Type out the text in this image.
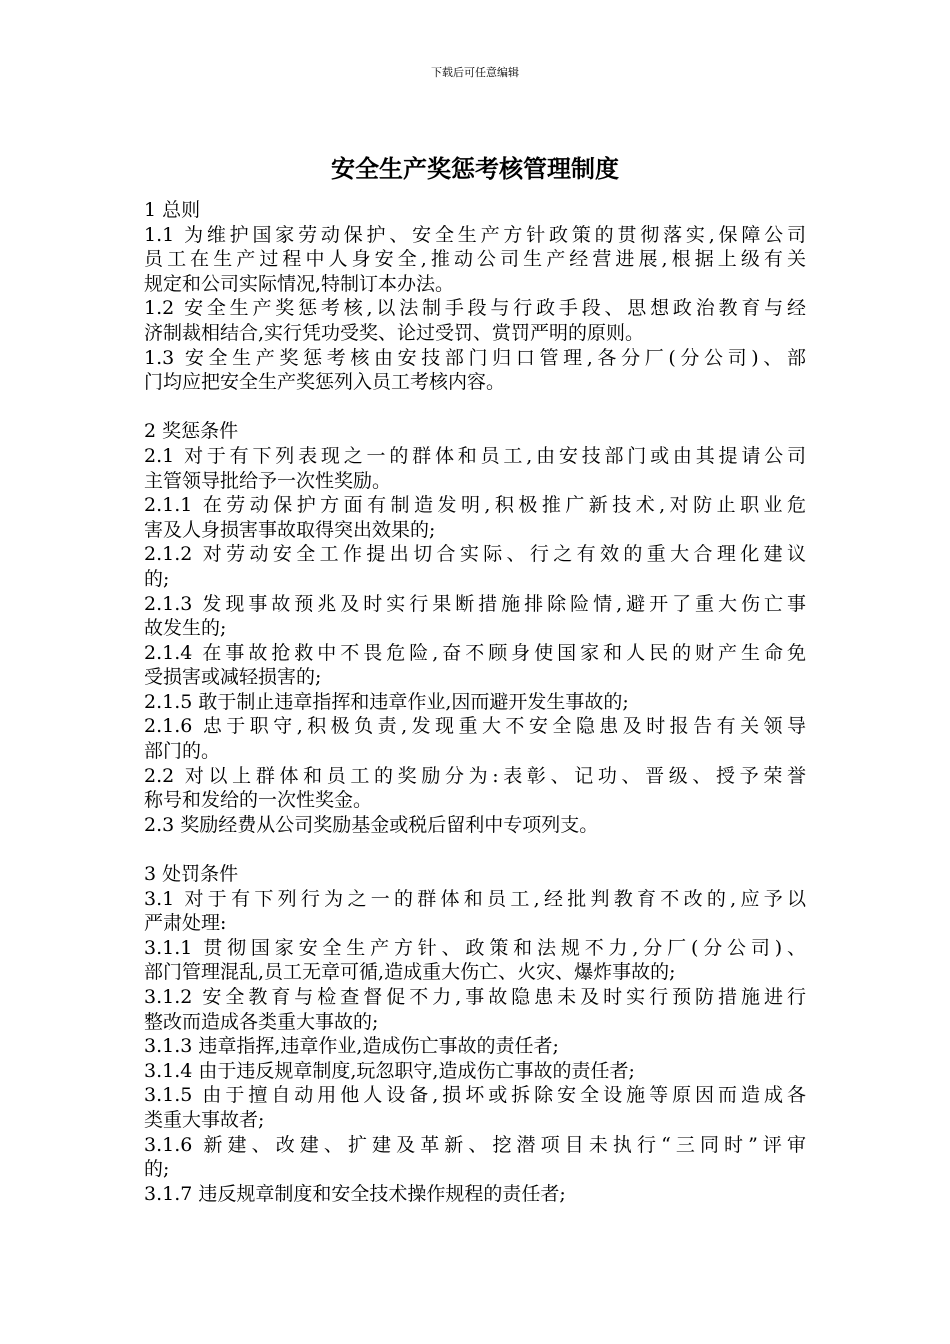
下载后可任意编辑
安全生产奖惩考核管理制度
1 总则
1.1 为维护国家劳动保护、安全生产方针政策的贯彻落实,保障公司
员工在生产过程中人身安全,推动公司生产经营进展,根据上级有关
规定和公司实际情况,特制订本办法。
1.2 安全生产奖惩考核,以法制手段与行政手段、思想政治教育与经
济制裁相结合,实行凭功受奖、论过受罚、赏罚严明的原则。
1.3 安全生产奖惩考核由安技部门归口管理,各分厂(分公司)、部
门均应把安全生产奖惩列入员工考核内容。
2 奖惩条件
2.1 对于有下列表现之一的群体和员工,由安技部门或由其提请公司
主管领导批给予一次性奖励。
2.1.1 在劳动保护方面有制造发明,积极推广新技术,对防止职业危
害及人身损害事故取得突出效果的;
2.1.2 对劳动安全工作提出切合实际、行之有效的重大合理化建议
的;
2.1.3 发现事故预兆及时实行果断措施排除险情,避开了重大伤亡事
故发生的;
2.1.4 在事故抢救中不畏危险,奋不顾身使国家和人民的财产生命免
受损害或减轻损害的;
2.1.5 敢于制止违章指挥和违章作业,因而避开发生事故的;
2.1.6 忠于职守,积极负责,发现重大不安全隐患及时报告有关领导
部门的。
2.2 对以上群体和员工的奖励分为:表彰、记功、晋级、授予荣誉
称号和发给的一次性奖金。
2.3 奖励经费从公司奖励基金或税后留利中专项列支。
3 处罚条件
3.1 对于有下列行为之一的群体和员工,经批判教育不改的,应予以
严肃处理:
3.1.1 贯彻国家安全生产方针、政策和法规不力,分厂(分公司)、
部门管理混乱,员工无章可循,造成重大伤亡、火灾、爆炸事故的;
3.1.2 安全教育与检查督促不力,事故隐患未及时实行预防措施进行
整改而造成各类重大事故的;
3.1.3 违章指挥,违章作业,造成伤亡事故的责任者;
3.1.4 由于违反规章制度,玩忽职守,造成伤亡事故的责任者;
3.1.5 由于擅自动用他人设备,损坏或拆除安全设施等原因而造成各
类重大事故者;
3.1.6 新建、改建、扩建及革新、挖潜项目未执行“三同时”评审
的;
3.1.7 违反规章制度和安全技术操作规程的责任者;
